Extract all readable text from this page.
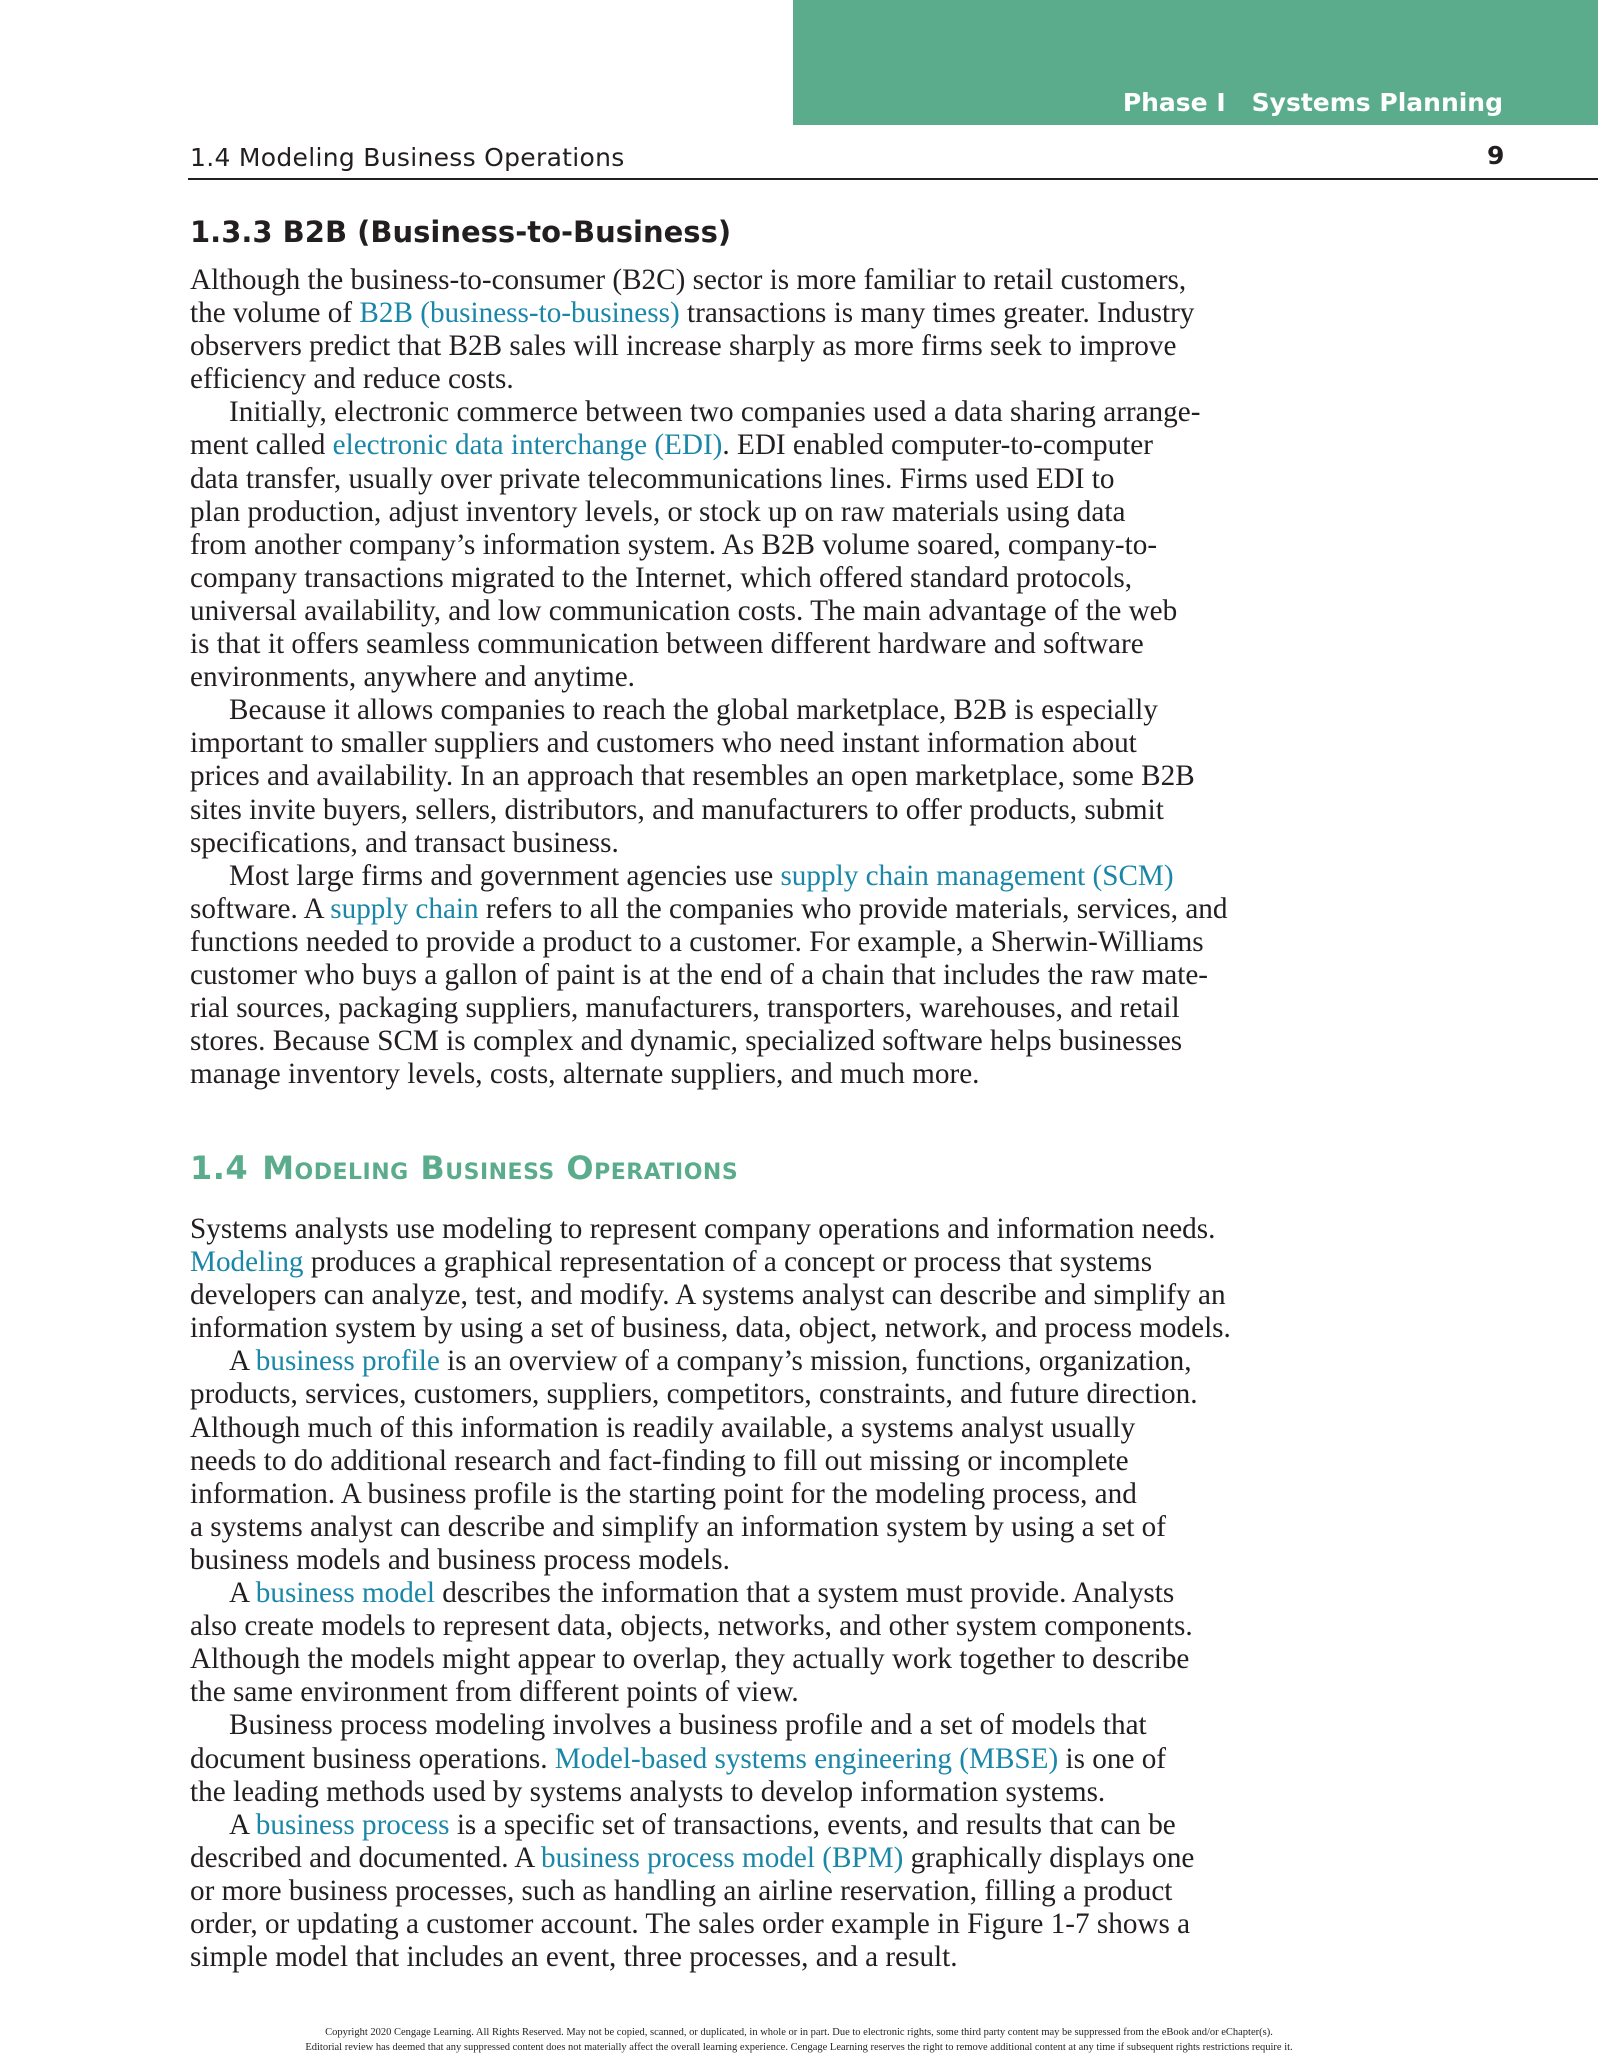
Phase I Systems Planning
1.4 Modeling Business Operations	9
1.3.3 B2B (Business-to-Business)
Although the business-to-consumer (B2C) sector is more familiar to retail customers,
the volume of B2B (business-to-business) transactions is many times greater. Industry
observers predict that B2B sales will increase sharply as more firms seek to improve
efficiency and reduce costs.
Initially, electronic commerce between two companies used a data sharing arrange-
ment called electronic data interchange (EDI). EDI enabled computer-to-computer
data transfer, usually over private telecommunications lines. Firms used EDI to
plan production, adjust inventory levels, or stock up on raw materials using data
from another company’s information system. As B2B volume soared, company-to-
company transactions migrated to the Internet, which offered standard protocols,
universal availability, and low communication costs. The main advantage of the web
is that it offers seamless communication between different hardware and software
environments, anywhere and anytime.
Because it allows companies to reach the global marketplace, B2B is especially
important to smaller suppliers and customers who need instant information about
prices and availability. In an approach that resembles an open marketplace, some B2B
sites invite buyers, sellers, distributors, and manufacturers to offer products, submit
specifications, and transact business.
Most large firms and government agencies use supply chain management (SCM)
software. A supply chain refers to all the companies who provide materials, services, and
functions needed to provide a product to a customer. For example, a Sherwin-Williams
customer who buys a gallon of paint is at the end of a chain that includes the raw mate-
rial sources, packaging suppliers, manufacturers, transporters, warehouses, and retail
stores. Because SCM is complex and dynamic, specialized software helps businesses
manage inventory levels, costs, alternate suppliers, and much more.
1.4 Modeling Business Operations
Systems analysts use modeling to represent company operations and information needs.
Modeling produces a graphical representation of a concept or process that systems
developers can analyze, test, and modify. A systems analyst can describe and simplify an
information system by using a set of business, data, object, network, and process models.
A business profile is an overview of a company’s mission, functions, organization,
products, services, customers, suppliers, competitors, constraints, and future direction.
Although much of this information is readily available, a systems analyst usually
needs to do additional research and fact-finding to fill out missing or incomplete
information. A business profile is the starting point for the modeling process, and
a systems analyst can describe and simplify an information system by using a set of
business models and business process models.
A business model describes the information that a system must provide. Analysts
also create models to represent data, objects, networks, and other system components.
Although the models might appear to overlap, they actually work together to describe
the same environment from different points of view.
Business process modeling involves a business profile and a set of models that
document business operations. Model-based systems engineering (MBSE) is one of
the leading methods used by systems analysts to develop information systems.
A business process is a specific set of transactions, events, and results that can be
described and documented. A business process model (BPM) graphically displays one
or more business processes, such as handling an airline reservation, filling a product
order, or updating a customer account. The sales order example in Figure 1-7 shows a
simple model that includes an event, three processes, and a result.
Copyright 2020 Cengage Learning. All Rights Reserved. May not be copied, scanned, or duplicated, in whole or in part. Due to electronic rights, some third party content may be suppressed from the eBook and/or eChapter(s).
Editorial review has deemed that any suppressed content does not materially affect the overall learning experience. Cengage Learning reserves the right to remove additional content at any time if subsequent rights restrictions require it.
